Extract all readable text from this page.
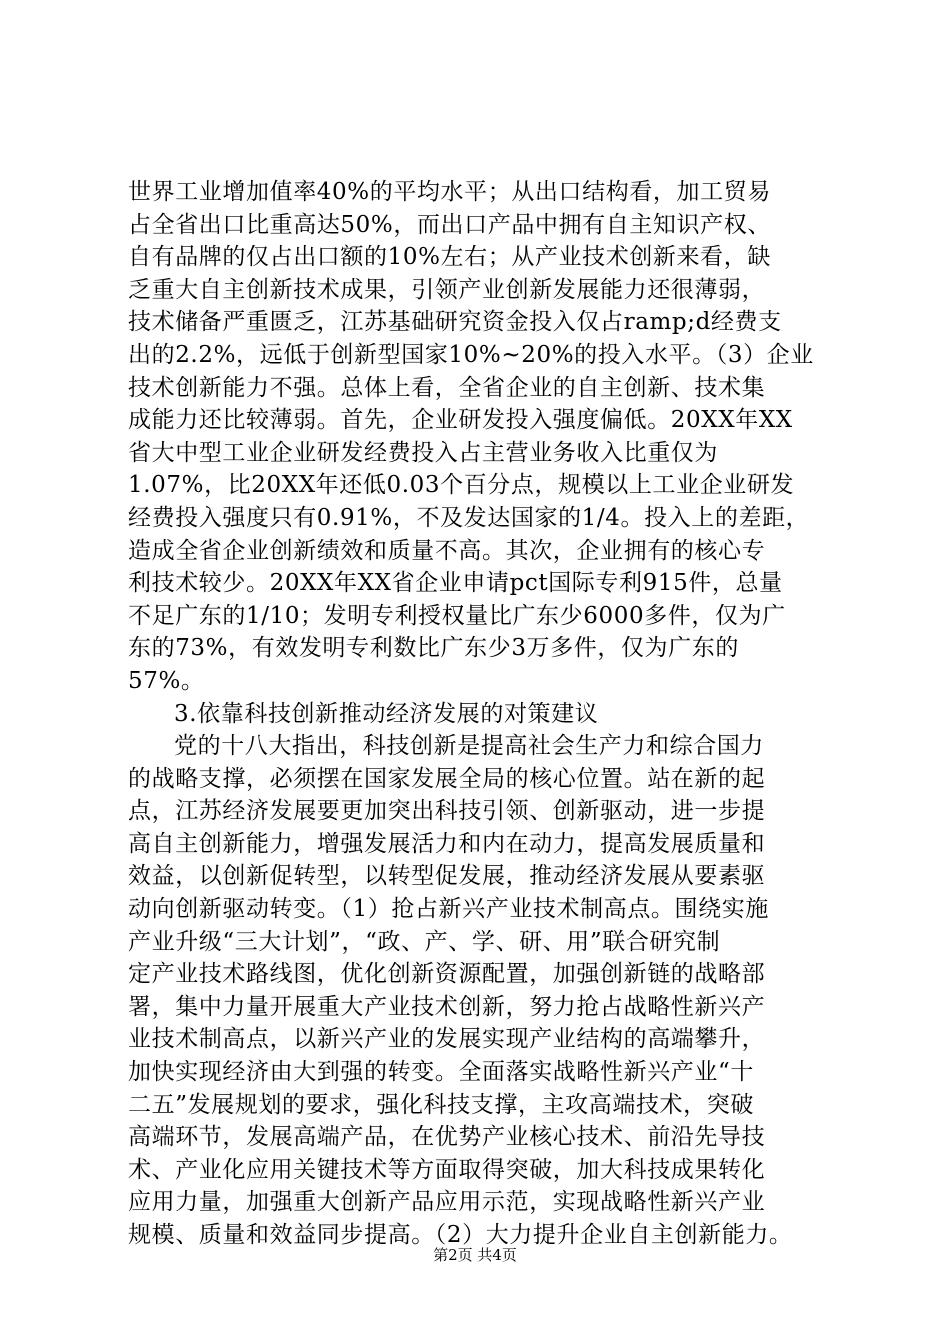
世界工业增加值率40%的平均水平；从出口结构看，加工贸易
占全省出口比重高达50%，而出口产品中拥有自主知识产权、
自有品牌的仅占出口额的10%左右；从产业技术创新来看，缺
乏重大自主创新技术成果，引领产业创新发展能力还很薄弱，
技术储备严重匮乏，江苏基础研究资金投入仅占ramp;d经费支
出的2.2%，远低于创新型国家10%~20%的投入水平。（3）企业
技术创新能力不强。总体上看，全省企业的自主创新、技术集
成能力还比较薄弱。首先，企业研发投入强度偏低。20XX年XX
省大中型工业企业研发经费投入占主营业务收入比重仅为
1.07%，比20XX年还低0.03个百分点，规模以上工业企业研发
经费投入强度只有0.91%，不及发达国家的1/4。投入上的差距，
造成全省企业创新绩效和质量不高。其次，企业拥有的核心专
利技术较少。20XX年XX省企业申请pct国际专利915件，总量
不足广东的1/10；发明专利授权量比广东少6000多件，仅为广
东的73%，有效发明专利数比广东少3万多件，仅为广东的
57%。
3.依靠科技创新推动经济发展的对策建议
党的十八大指出，科技创新是提高社会生产力和综合国力
的战略支撑，必须摆在国家发展全局的核心位置。站在新的起
点，江苏经济发展要更加突出科技引领、创新驱动，进一步提
高自主创新能力，增强发展活力和内在动力，提高发展质量和
效益，以创新促转型，以转型促发展，推动经济发展从要素驱
动向创新驱动转变。（1）抢占新兴产业技术制高点。围绕实施
产业升级“三大计划”，“政、产、学、研、用”联合研究制
定产业技术路线图，优化创新资源配置，加强创新链的战略部
署，集中力量开展重大产业技术创新，努力抢占战略性新兴产
业技术制高点，以新兴产业的发展实现产业结构的高端攀升，
加快实现经济由大到强的转变。全面落实战略性新兴产业“十
二五”发展规划的要求，强化科技支撑，主攻高端技术，突破
高端环节，发展高端产品，在优势产业核心技术、前沿先导技
术、产业化应用关键技术等方面取得突破，加大科技成果转化
应用力量，加强重大创新产品应用示范，实现战略性新兴产业
规模、质量和效益同步提高。（2）大力提升企业自主创新能力。
第2页 共4页
